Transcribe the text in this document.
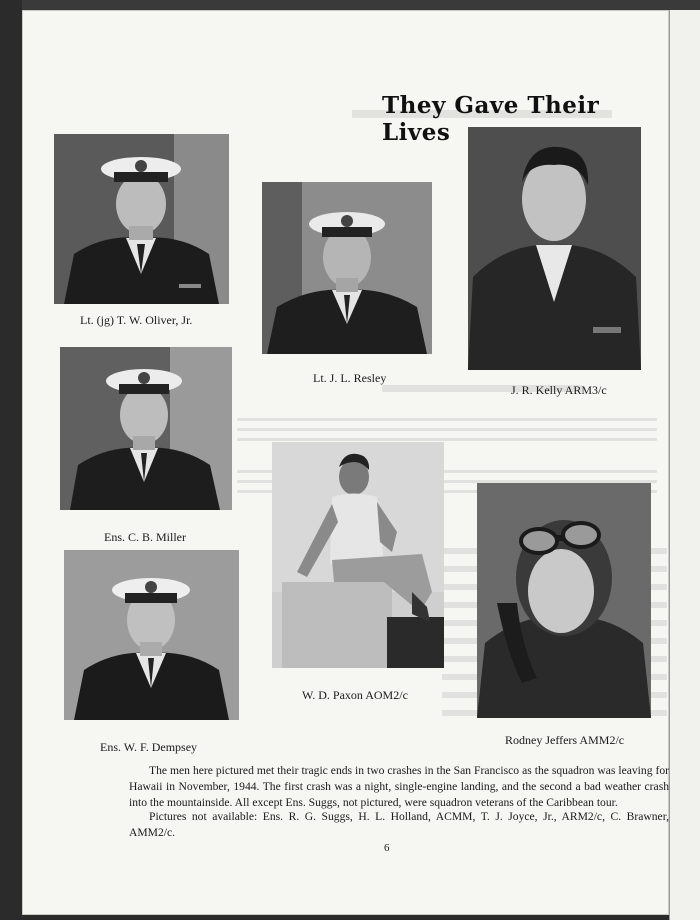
They Gave Their Lives
Lt. (jg) T. W. Oliver, Jr.
Lt. J. L. Resley
J. R. Kelly ARM3/c
Ens. C. B. Miller
W. D. Paxon AOM2/c
Rodney Jeffers AMM2/c
Ens. W. F. Dempsey

The men here pictured met their tragic ends in two crashes in the San Francisco as the squadron was leaving for Hawaii in November, 1944. The first crash was a night, single-engine landing, and the second a bad weather crash into the mountainside. All except Ens. Suggs, not pictured, were squadron veterans of the Caribbean tour.

Pictures not available: Ens. R. G. Suggs, H. L. Holland, ACMM, T. J. Joyce, Jr., ARM2/c, C. Brawner, AMM2/c.

6
